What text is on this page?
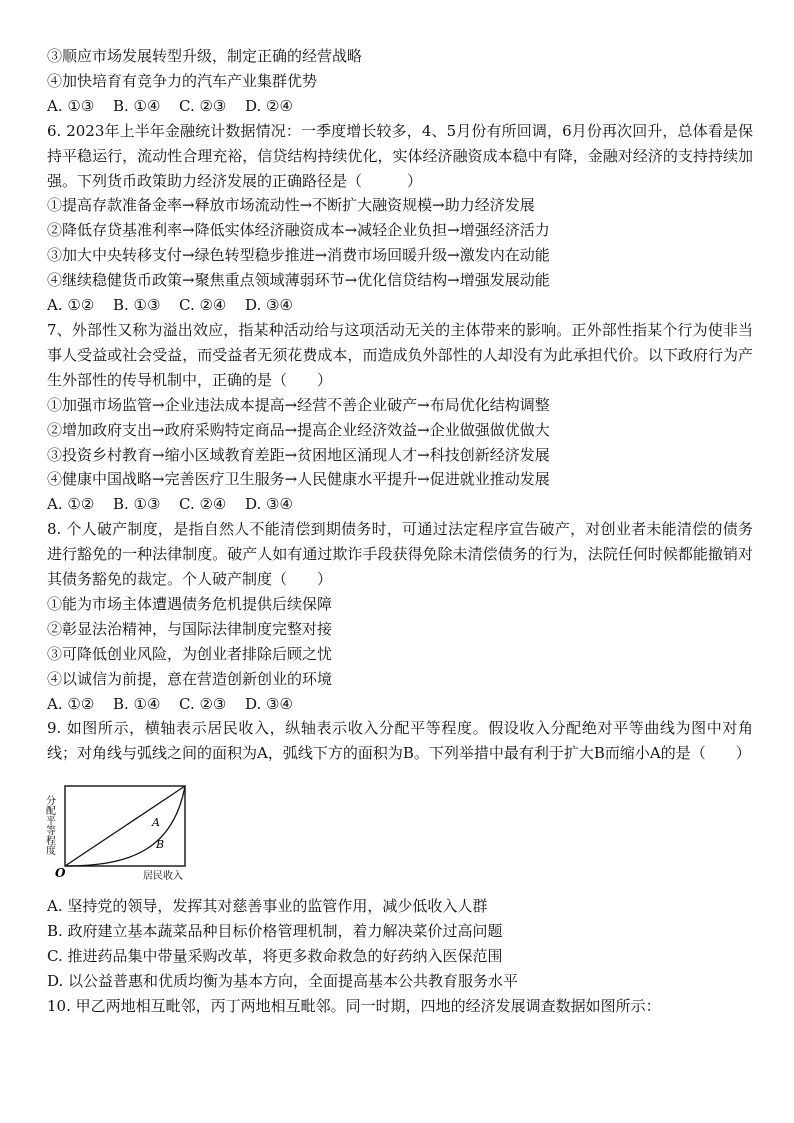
③顺应市场发展转型升级，制定正确的经营战略
④加快培育有竞争力的汽车产业集群优势
A. ①③	B. ①④	C. ②③	D. ②④
6. 2023年上半年金融统计数据情况：一季度增长较多，4、5月份有所回调，6月份再次回升，总体看是保持平稳运行，流动性合理充裕，信贷结构持续优化，实体经济融资成本稳中有降，金融对经济的支持持续加强。下列货币政策助力经济发展的正确路径是（　　　）
①提高存款准备金率→释放市场流动性→不断扩大融资规模→助力经济发展
②降低存贷基准利率→降低实体经济融资成本→减轻企业负担→增强经济活力
③加大中央转移支付→绿色转型稳步推进→消费市场回暖升级→激发内在动能
④继续稳健货币政策→聚焦重点领域薄弱环节→优化信贷结构→增强发展动能
A. ①②	B. ①③	C. ②④	D. ③④
7、外部性又称为溢出效应，指某种活动给与这项活动无关的主体带来的影响。正外部性指某个行为使非当事人受益或社会受益，而受益者无须花费成本，而造成负外部性的人却没有为此承担代价。以下政府行为产生外部性的传导机制中，正确的是（　　）
①加强市场监管→企业违法成本提高→经营不善企业破产→布局优化结构调整
②增加政府支出→政府采购特定商品→提高企业经济效益→企业做强做优做大
③投资乡村教育→缩小区域教育差距→贫困地区涌现人才→科技创新经济发展
④健康中国战略→完善医疗卫生服务→人民健康水平提升→促进就业推动发展
A. ①②	B. ①③	C. ②④	D. ③④
8. 个人破产制度，是指自然人不能清偿到期债务时，可通过法定程序宣告破产，对创业者未能清偿的债务进行豁免的一种法律制度。破产人如有通过欺诈手段获得免除未清偿债务的行为，法院任何时候都能撤销对其债务豁免的裁定。个人破产制度（　　）
①能为市场主体遭遇债务危机提供后续保障
②彰显法治精神，与国际法律制度完整对接
③可降低创业风险，为创业者排除后顾之忧
④以诚信为前提，意在营造创新创业的环境
A. ①②	B. ①④	C. ②③	D. ③④
9. 如图所示，横轴表示居民收入，纵轴表示收入分配平等程度。假设收入分配绝对平等曲线为图中对角线；对角线与弧线之间的面积为A，弧线下方的面积为B。下列举措中最有利于扩大B而缩小A的是（　　）
A
B
O	居民收入
分配平等程度
A. 坚持党的领导，发挥其对慈善事业的监管作用，减少低收入人群
B. 政府建立基本蔬菜品种目标价格管理机制，着力解决菜价过高问题
C. 推进药品集中带量采购改革，将更多救命救急的好药纳入医保范围
D. 以公益普惠和优质均衡为基本方向，全面提高基本公共教育服务水平
10. 甲乙两地相互毗邻，丙丁两地相互毗邻。同一时期，四地的经济发展调查数据如图所示：
